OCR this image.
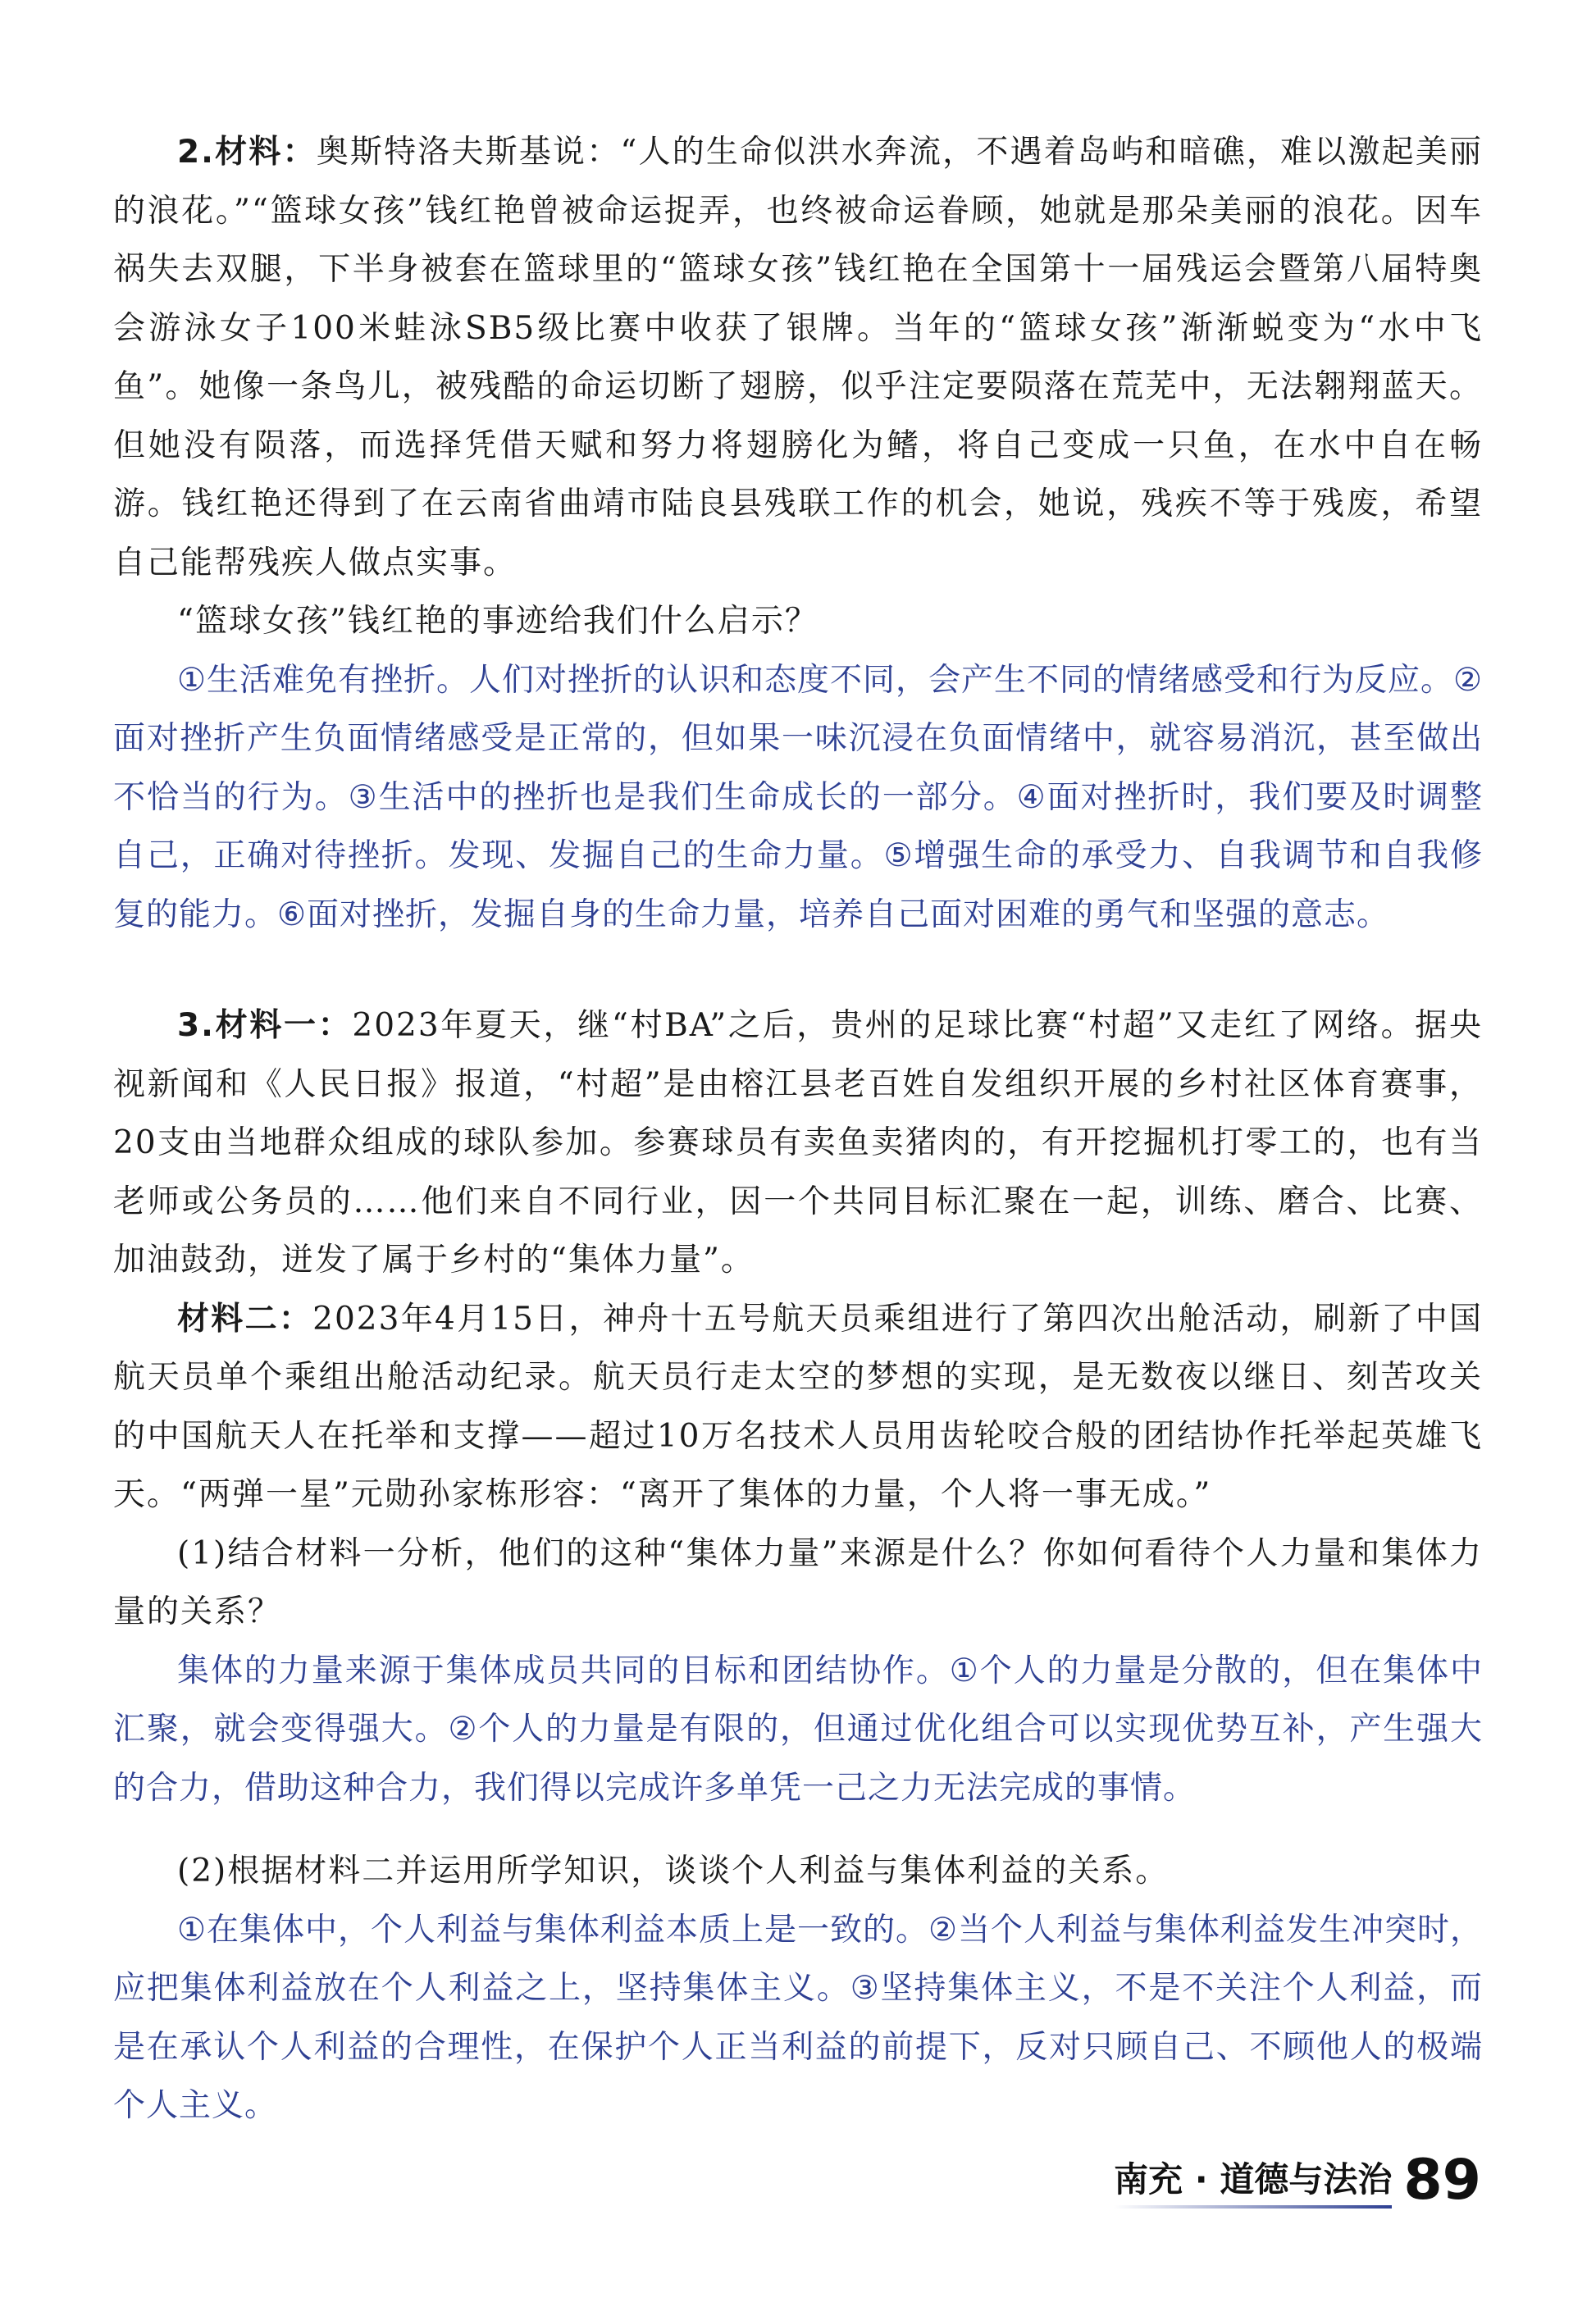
2.材料：奥斯特洛夫斯基说：“人的生命似洪水奔流，不遇着岛屿和暗礁，难以激起美丽的浪花。”“篮球女孩”钱红艳曾被命运捉弄，也终被命运眷顾，她就是那朵美丽的浪花。因车祸失去双腿，下半身被套在篮球里的“篮球女孩”钱红艳在全国第十一届残运会暨第八届特奥会游泳女子100米蛙泳SB5级比赛中收获了银牌。当年的“篮球女孩”渐渐蜕变为“水中飞鱼”。她像一条鸟儿，被残酷的命运切断了翅膀，似乎注定要陨落在荒芜中，无法翱翔蓝天。但她没有陨落，而选择凭借天赋和努力将翅膀化为鳍，将自己变成一只鱼，在水中自在畅游。钱红艳还得到了在云南省曲靖市陆良县残联工作的机会，她说，残疾不等于残废，希望自己能帮残疾人做点实事。

“篮球女孩”钱红艳的事迹给我们什么启示？

①生活难免有挫折。人们对挫折的认识和态度不同，会产生不同的情绪感受和行为反应。②面对挫折产生负面情绪感受是正常的，但如果一味沉浸在负面情绪中，就容易消沉，甚至做出不恰当的行为。③生活中的挫折也是我们生命成长的一部分。④面对挫折时，我们要及时调整自己，正确对待挫折。发现、发掘自己的生命力量。⑤增强生命的承受力、自我调节和自我修复的能力。⑥面对挫折，发掘自身的生命力量，培养自己面对困难的勇气和坚强的意志。

3.材料一：2023年夏天，继“村BA”之后，贵州的足球比赛“村超”又走红了网络。据央视新闻和《人民日报》报道，“村超”是由榕江县老百姓自发组织开展的乡村社区体育赛事，20支由当地群众组成的球队参加。参赛球员有卖鱼卖猪肉的，有开挖掘机打零工的，也有当老师或公务员的……他们来自不同行业，因一个共同目标汇聚在一起，训练、磨合、比赛、加油鼓劲，迸发了属于乡村的“集体力量”。

材料二：2023年4月15日，神舟十五号航天员乘组进行了第四次出舱活动，刷新了中国航天员单个乘组出舱活动纪录。航天员行走太空的梦想的实现，是无数夜以继日、刻苦攻关的中国航天人在托举和支撑——超过10万名技术人员用齿轮咬合般的团结协作托举起英雄飞天。“两弹一星”元勋孙家栋形容：“离开了集体的力量，个人将一事无成。”

(1)结合材料一分析，他们的这种“集体力量”来源是什么？你如何看待个人力量和集体力量的关系？

集体的力量来源于集体成员共同的目标和团结协作。①个人的力量是分散的，但在集体中汇聚，就会变得强大。②个人的力量是有限的，但通过优化组合可以实现优势互补，产生强大的合力，借助这种合力，我们得以完成许多单凭一己之力无法完成的事情。

(2)根据材料二并运用所学知识，谈谈个人利益与集体利益的关系。

①在集体中，个人利益与集体利益本质上是一致的。②当个人利益与集体利益发生冲突时，应把集体利益放在个人利益之上，坚持集体主义。③坚持集体主义，不是不关注个人利益，而是在承认个人利益的合理性，在保护个人正当利益的前提下，反对只顾自己、不顾他人的极端个人主义。

南充 · 道德与法治 89
